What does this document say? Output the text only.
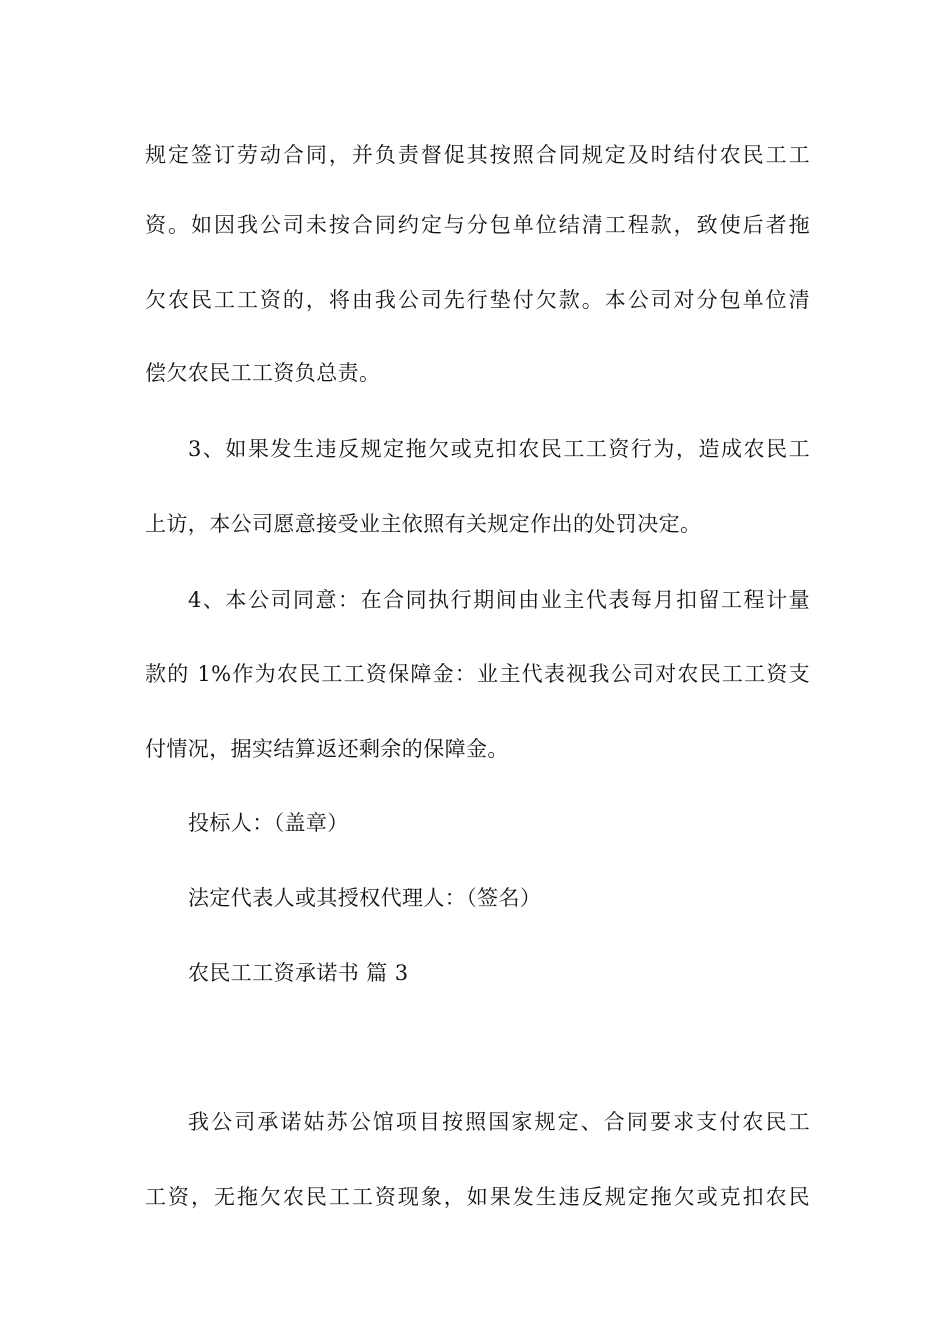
规定签订劳动合同，并负责督促其按照合同规定及时结付农民工工
资。如因我公司未按合同约定与分包单位结清工程款，致使后者拖
欠农民工工资的，将由我公司先行垫付欠款。本公司对分包单位清
偿欠农民工工资负总责。
3、如果发生违反规定拖欠或克扣农民工工资行为，造成农民工
上访，本公司愿意接受业主依照有关规定作出的处罚决定。
4、本公司同意：在合同执行期间由业主代表每月扣留工程计量
款的 1%作为农民工工资保障金：业主代表视我公司对农民工工资支
付情况，据实结算返还剩余的保障金。
投标人：（盖章）
法定代表人或其授权代理人：（签名）
农民工工资承诺书 篇 3
我公司承诺姑苏公馆项目按照国家规定、合同要求支付农民工
工资，无拖欠农民工工资现象，如果发生违反规定拖欠或克扣农民
